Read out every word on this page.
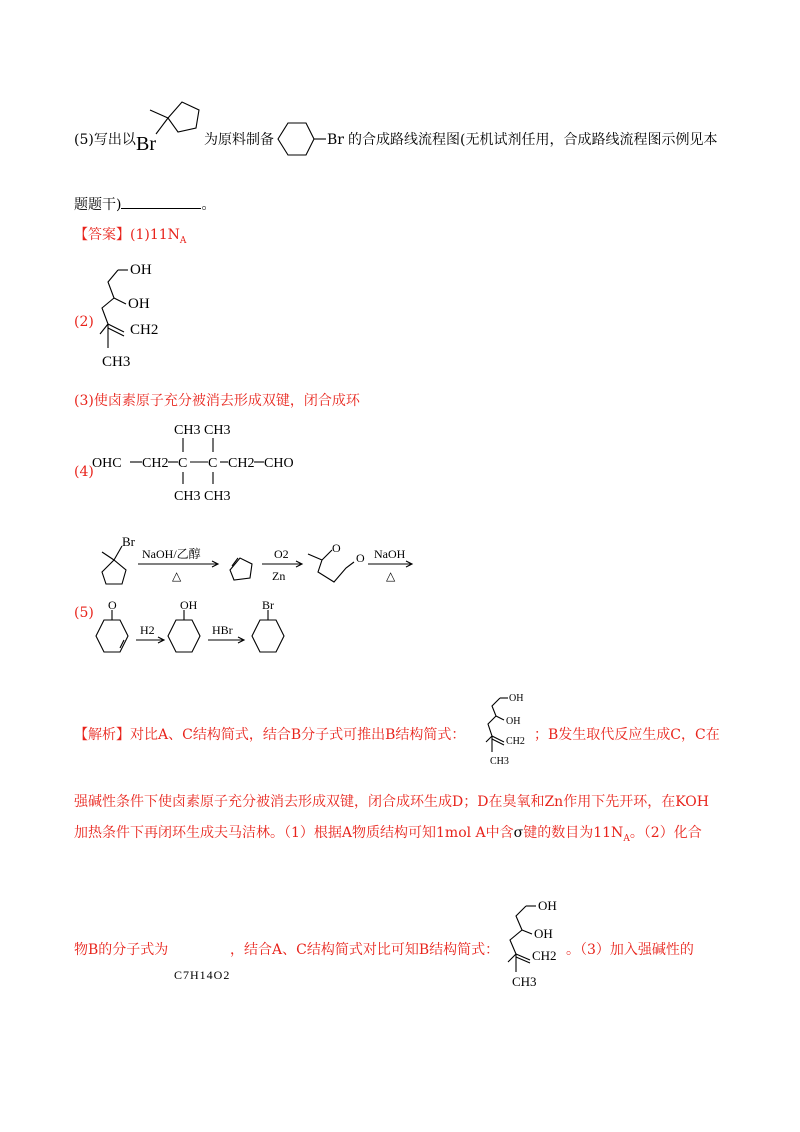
(5)写出以 Br	为原料制备	Br 的合成路线流程图(无机试剂任用，合成路线流程图示例见本
题题干)	。
【答案】$(1)11N_A$
(2)
OH
OH
CH2
CH3
(3)使卤素原子充分被消去形成双键，闭合成环
(4)
OHC CH2 C C CH2 CHO
CH3 CH3
CH3 CH3
Br
NaOH/乙醇
△
O2
Zn
O
O NaOH
△
(5) O
H2
OH
HBr
Br
【解析】对比A、C结构简式，结合B分子式可推出B结构简式：
OH
OH
CH2
CH3
；B发生取代反应生成C，C在
强碱性条件下使卤素原子充分被消去形成双键，闭合成环生成D；D在臭氧和Zn作用下先开环，在KOH
加热条件下再闭环生成夫马洁林。（1）根据A物质结构可知1mol A中含σ键的数目为$11N_A$。（2）化合
物B的分子式为
C7H14O2
，结合A、C结构简式对比可知B结构简式：
OH
OH
CH2
CH3
。（3）加入强碱性的
